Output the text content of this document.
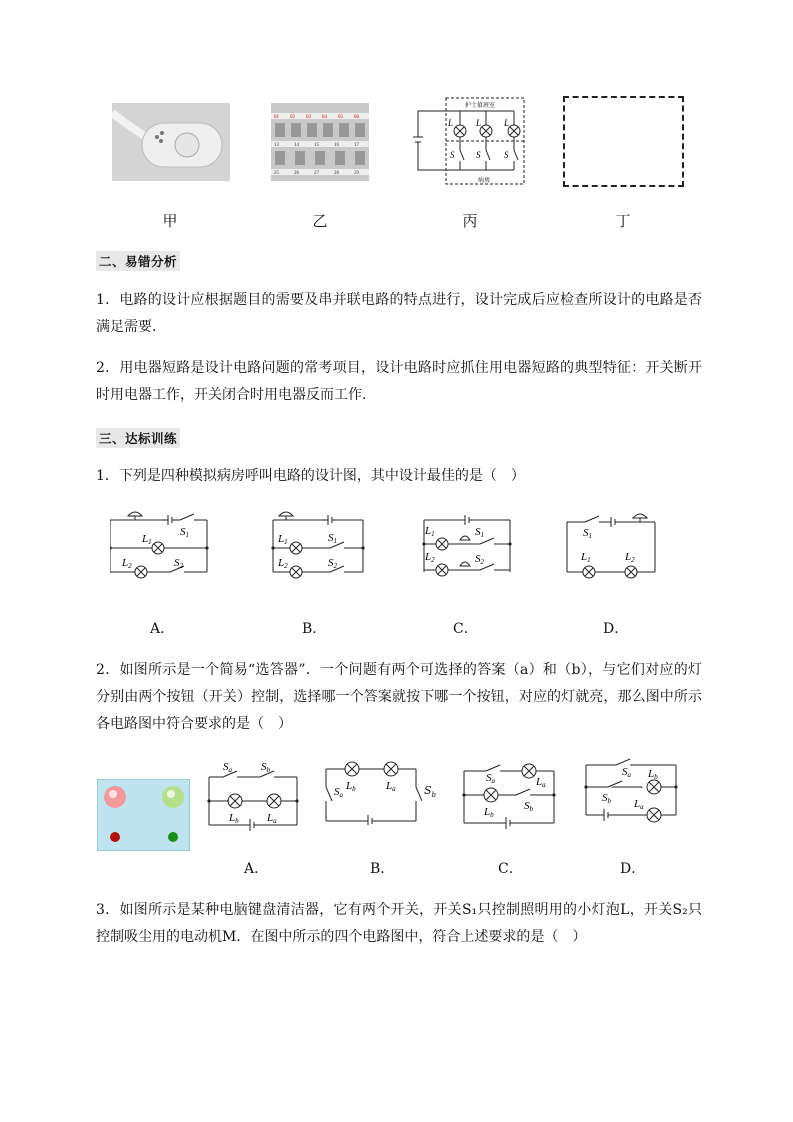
01 02 03 04 05 06
13	14	15	16	17
25	26	27	28	29
护士值班室
病房
L	L	L
S S	S
甲	乙	丙	丁
二、易错分析
1．电路的设计应根据题目的需要及串并联电路的特点进行，设计完成后应检查所设计的电路是否满足需要．
2．用电器短路是设计电路问题的常考项目，设计电路时应抓住用电器短路的典型特征：开关断开时用电器工作，开关闭合时用电器反而工作．
三、达标训练
1．下列是四种模拟病房呼叫电路的设计图，其中设计最佳的是（　）
L1
S1
L2	S2
L1	S1
L2	S2
L1	S1
L2	S2
S1
L1	L2
A．	B．	C．	D．
2．如图所示是一个简易“选答器”．一个问题有两个可选择的答案（a）和（b），与它们对应的灯分别由两个按钮（开关）控制，选择哪一个答案就按下哪一个按钮，对应的灯就亮，那么图中所示各电路图中符合要求的是（　）
Sa	Sb
Lb	La
Sa
Lb	La	$S_b$
Sa	La
Lb
Sb
Sa Lb
Sb La
A．	B．	C．	D．
3．如图所示是某种电脑键盘清洁器，它有两个开关，开关S₁只控制照明用的小灯泡L，开关S₂只控制吸尘用的电动机M．在图中所示的四个电路图中，符合上述要求的是（　）
